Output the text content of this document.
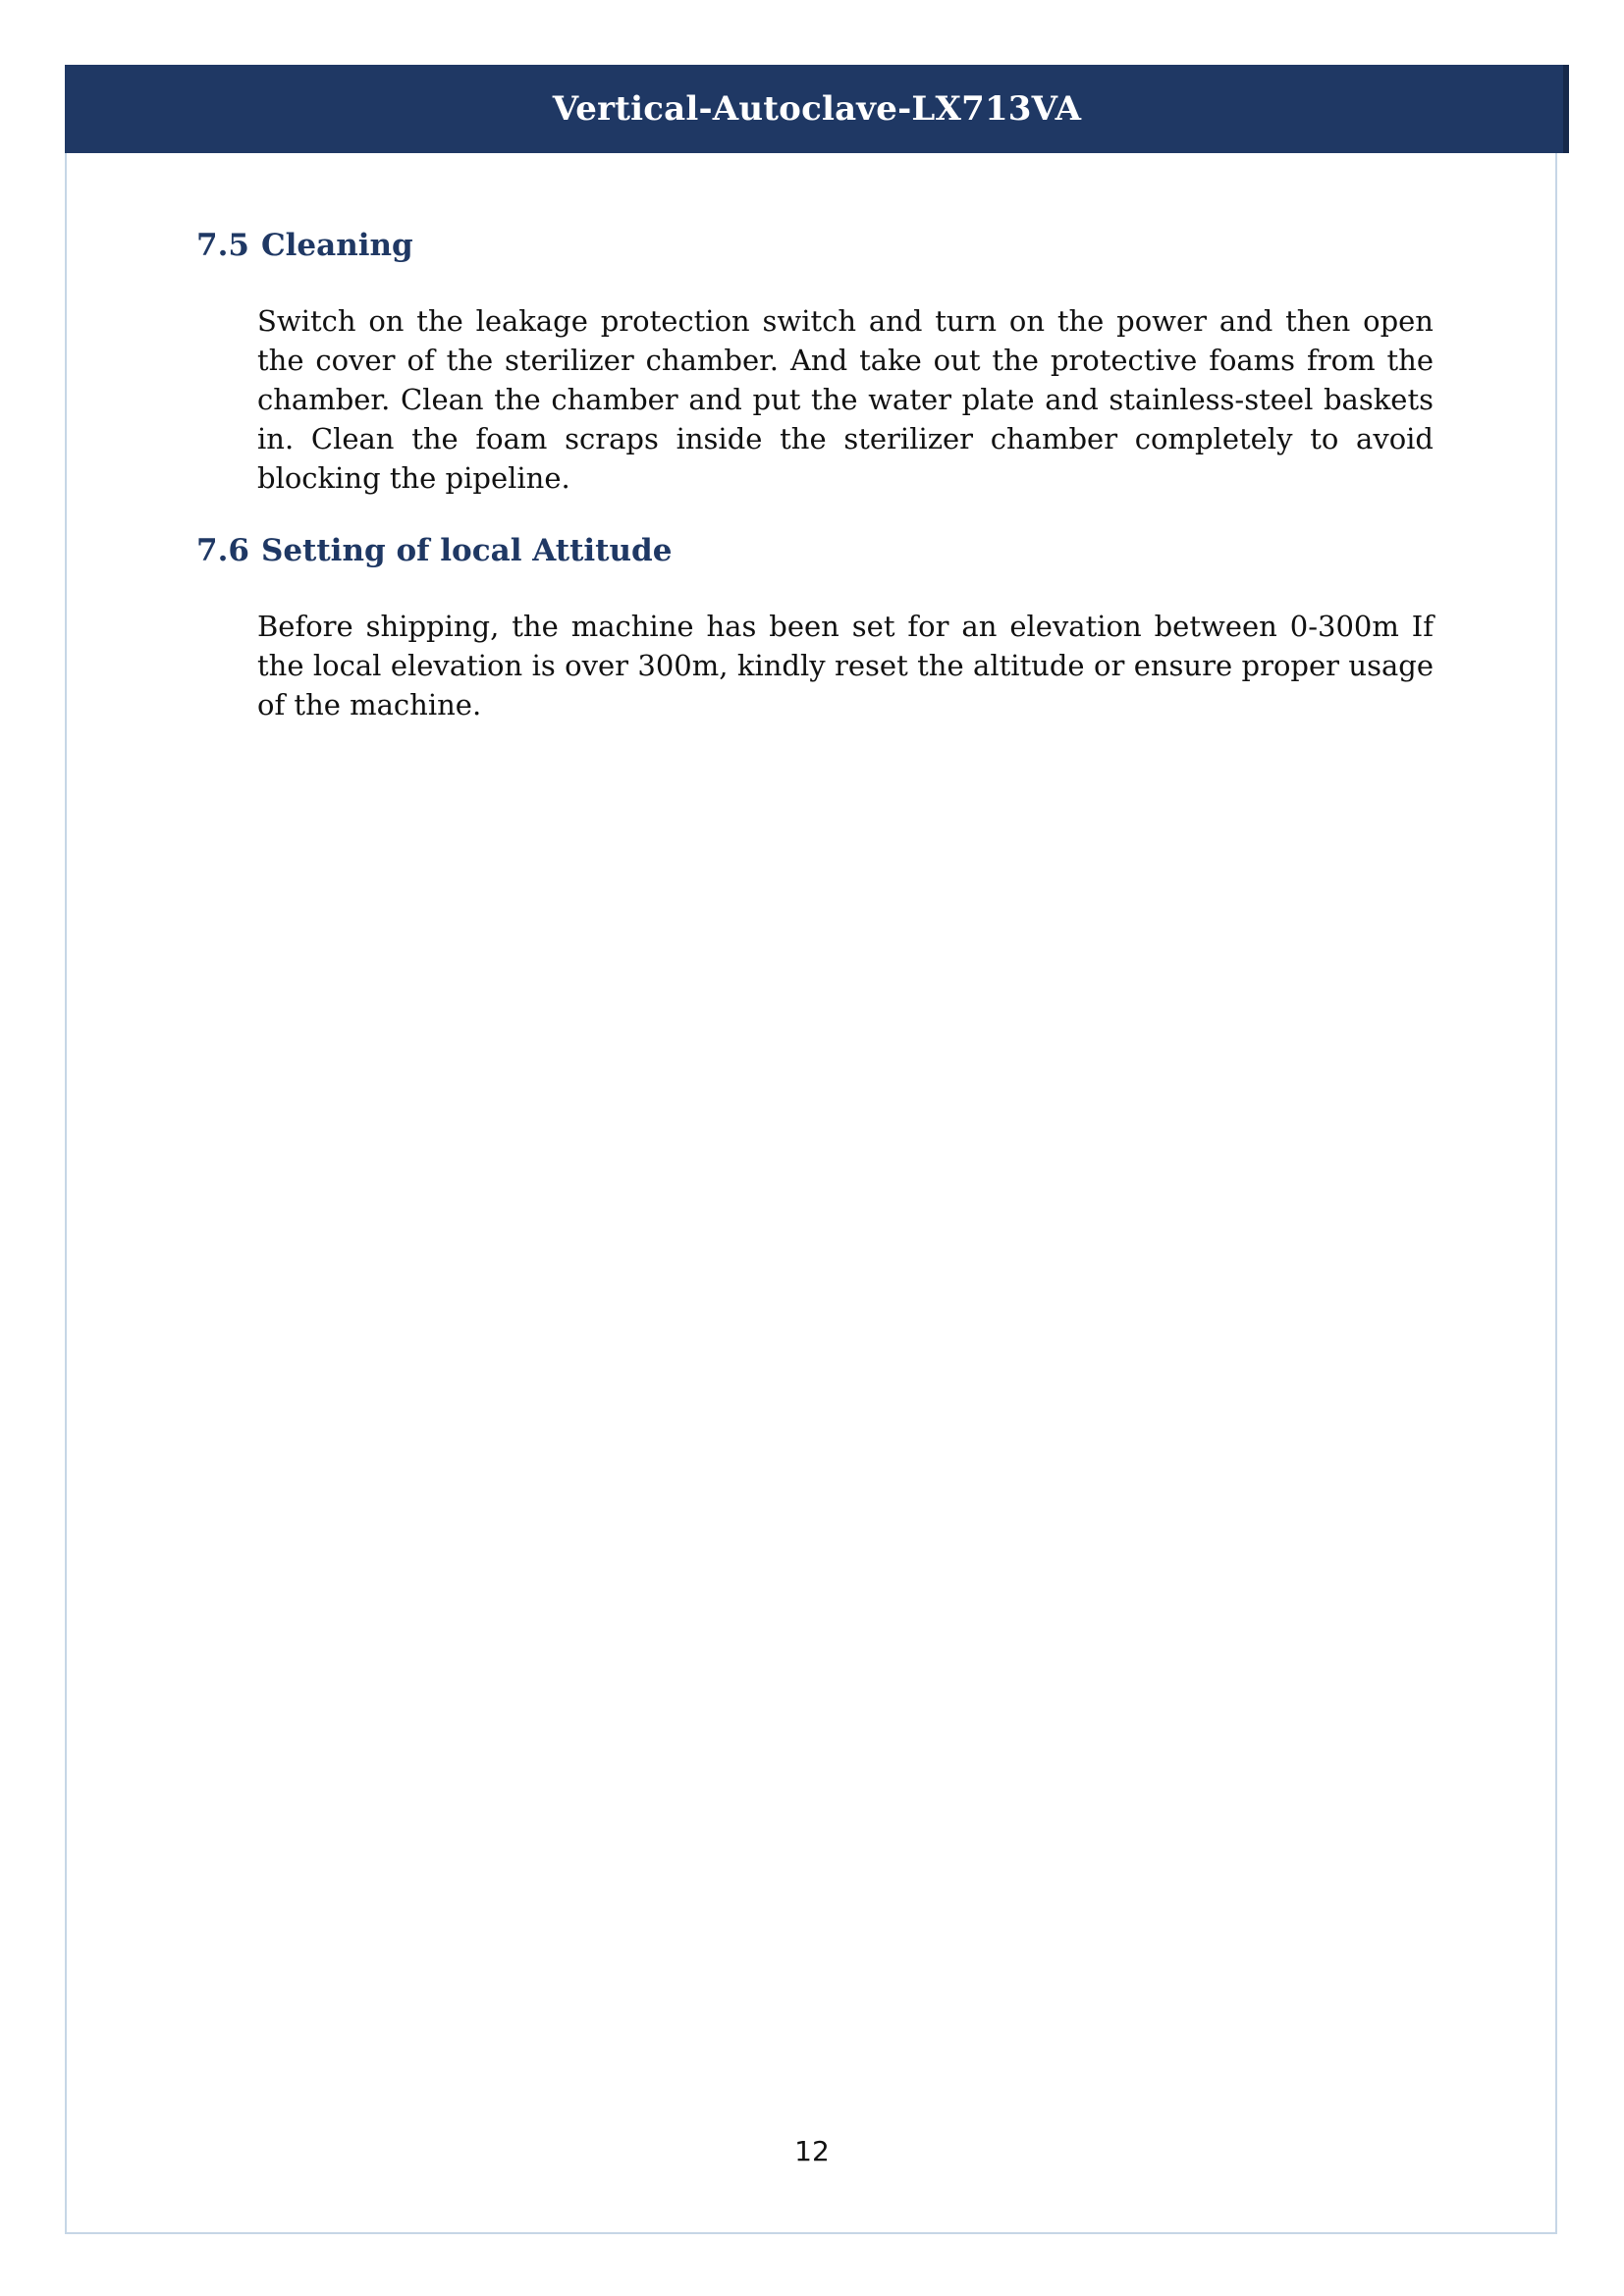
Vertical-Autoclave-LX713VA
7.5 Cleaning

Switch on the leakage protection switch and turn on the power and then open the cover of the sterilizer chamber. And take out the protective foams from the chamber. Clean the chamber and put the water plate and stainless-steel baskets in. Clean the foam scraps inside the sterilizer chamber completely to avoid blocking the pipeline.

7.6 Setting of local Attitude

Before shipping, the machine has been set for an elevation between 0-300m If the local elevation is over 300m, kindly reset the altitude or ensure proper usage of the machine.

12
